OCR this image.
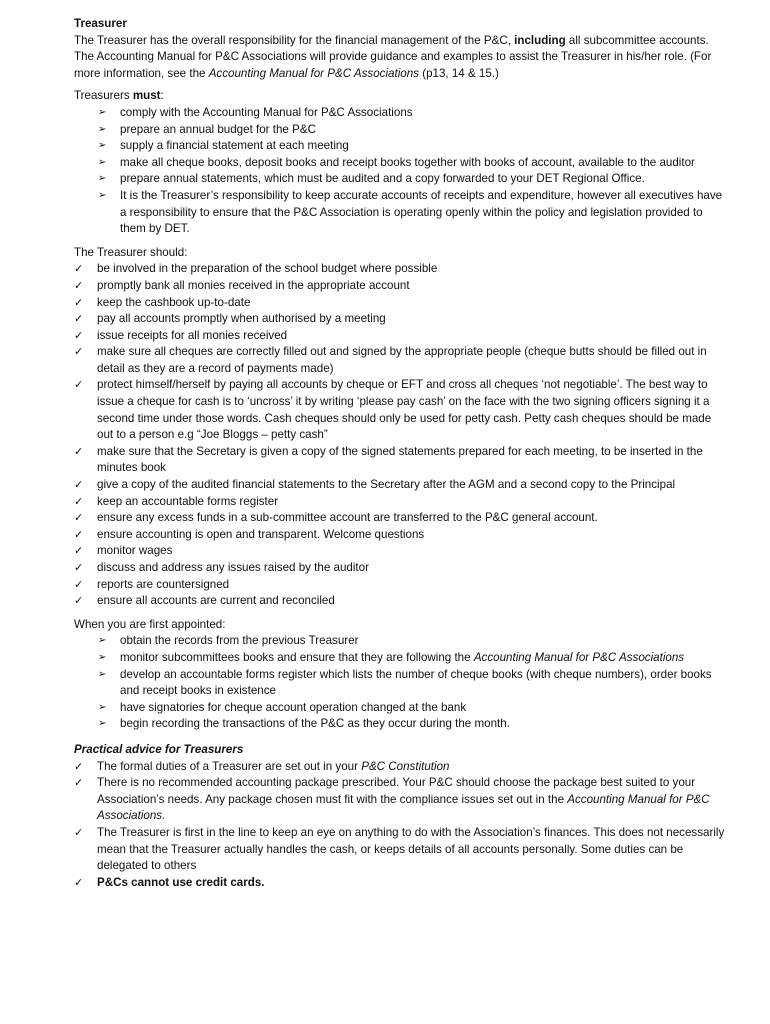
Treasurer

The Treasurer has the overall responsibility for the financial management of the P&C, including all subcommittee accounts. The Accounting Manual for P&C Associations will provide guidance and examples to assist the Treasurer in his/her role. (For more information, see the Accounting Manual for P&C Associations (p13, 14 & 15.)

Treasurers must:

➢ comply with the Accounting Manual for P&C Associations
➢ prepare an annual budget for the P&C
➢ supply a financial statement at each meeting
➢ make all cheque books, deposit books and receipt books together with books of account, available to the auditor
➢ prepare annual statements, which must be audited and a copy forwarded to your DET Regional Office.
➢ It is the Treasurer’s responsibility to keep accurate accounts of receipts and expenditure, however all executives have a responsibility to ensure that the P&C Association is operating openly within the policy and legislation provided to them by DET.

The Treasurer should:

✓ be involved in the preparation of the school budget where possible
✓ promptly bank all monies received in the appropriate account
✓ keep the cashbook up-to-date
✓ pay all accounts promptly when authorised by a meeting
✓ issue receipts for all monies received
✓ make sure all cheques are correctly filled out and signed by the appropriate people (cheque butts should be filled out in detail as they are a record of payments made)
✓ protect himself/herself by paying all accounts by cheque or EFT and cross all cheques ‘not negotiable’. The best way to issue a cheque for cash is to ‘uncross’ it by writing ‘please pay cash’ on the face with the two signing officers signing it a second time under those words. Cash cheques should only be used for petty cash. Petty cash cheques should be made out to a person e.g “Joe Bloggs – petty cash”
✓ make sure that the Secretary is given a copy of the signed statements prepared for each meeting, to be inserted in the minutes book
✓ give a copy of the audited financial statements to the Secretary after the AGM and a second copy to the Principal
✓ keep an accountable forms register
✓ ensure any excess funds in a sub-committee account are transferred to the P&C general account.
✓ ensure accounting is open and transparent. Welcome questions
✓ monitor wages
✓ discuss and address any issues raised by the auditor
✓ reports are countersigned
✓ ensure all accounts are current and reconciled

When you are first appointed:

➢ obtain the records from the previous Treasurer
➢ monitor subcommittees books and ensure that they are following the Accounting Manual for P&C Associations
➢ develop an accountable forms register which lists the number of cheque books (with cheque numbers), order books and receipt books in existence
➢ have signatories for cheque account operation changed at the bank
➢ begin recording the transactions of the P&C as they occur during the month.

Practical advice for Treasurers

✓ The formal duties of a Treasurer are set out in your P&C Constitution
✓ There is no recommended accounting package prescribed. Your P&C should choose the package best suited to your Association’s needs. Any package chosen must fit with the compliance issues set out in the Accounting Manual for P&C Associations.
✓ The Treasurer is first in the line to keep an eye on anything to do with the Association’s finances. This does not necessarily mean that the Treasurer actually handles the cash, or keeps details of all accounts personally. Some duties can be delegated to others
✓ P&Cs cannot use credit cards.
